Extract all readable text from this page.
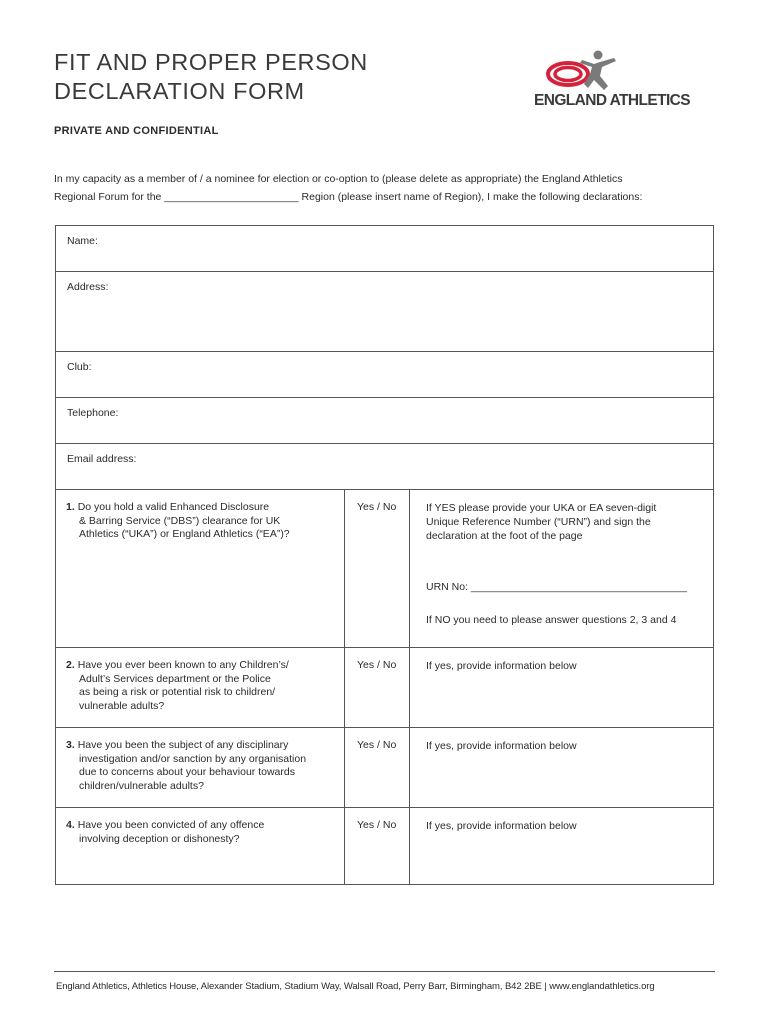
FIT AND PROPER PERSON
DECLARATION FORM	ENGLAND ATHLETICS
PRIVATE AND CONFIDENTIAL

In my capacity as a member of / a nominee for election or co-option to (please delete as appropriate) the England Athletics

Regional Forum for the _______________________ Region (please insert name of Region), I make the following declarations:

Name:
Address:
Club:
Telephone:
Email address:
1. Do you hold a valid Enhanced Disclosure
& Barring Service (“DBS”) clearance for UK
Athletics (“UKA”) or England Athletics (“EA”)?
Yes / No	If YES please provide your UKA or EA seven-digit
Unique Reference Number (“URN”) and sign the
declaration at the foot of the page
URN No: _____________________________________
If NO you need to please answer questions 2, 3 and 4
2. Have you ever been known to any Children’s/
Adult’s Services department or the Police
as being a risk or potential risk to children/
vulnerable adults?
Yes / No	If yes, provide information below
3. Have you been the subject of any disciplinary
investigation and/or sanction by any organisation
due to concerns about your behaviour towards
children/vulnerable adults?
Yes / No	If yes, provide information below
4. Have you been convicted of any offence
involving deception or dishonesty?
Yes / No	If yes, provide information below
England Athletics, Athletics House, Alexander Stadium, Stadium Way, Walsall Road, Perry Barr, Birmingham, B42 2BE | www.englandathletics.org
